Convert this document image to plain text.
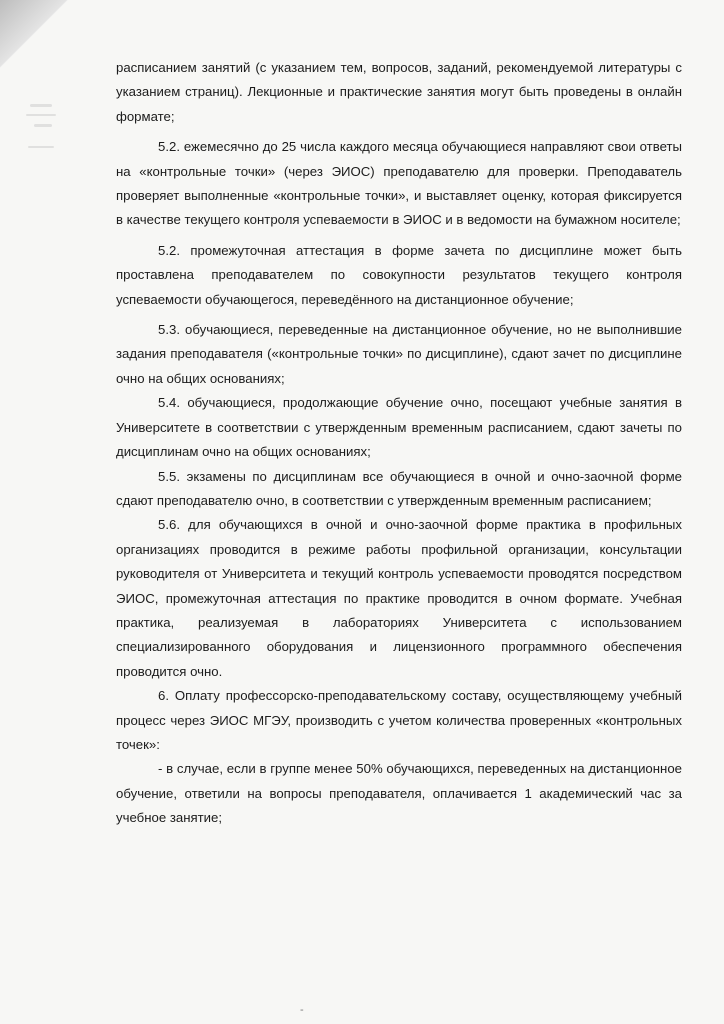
расписанием занятий (с указанием тем, вопросов, заданий, рекомендуемой литературы с указанием страниц). Лекционные и практические занятия могут быть проведены в онлайн формате;

5.2. ежемесячно до 25 числа каждого месяца обучающиеся направляют свои ответы на «контрольные точки» (через ЭИОС) преподавателю для проверки. Преподаватель проверяет выполненные «контрольные точки», и выставляет оценку, которая фиксируется в качестве текущего контроля успеваемости в ЭИОС и в ведомости на бумажном носителе;

5.2. промежуточная аттестация в форме зачета по дисциплине может быть проставлена преподавателем по совокупности результатов текущего контроля успеваемости обучающегося, переведённого на дистанционное обучение;

5.3. обучающиеся, переведенные на дистанционное обучение, но не выполнившие задания преподавателя («контрольные точки» по дисциплине), сдают зачет по дисциплине очно на общих основаниях;

5.4. обучающиеся, продолжающие обучение очно, посещают учебные занятия в Университете в соответствии с утвержденным временным расписанием, сдают зачеты по дисциплинам очно на общих основаниях;

5.5. экзамены по дисциплинам все обучающиеся в очной и очно-заочной форме сдают преподавателю очно, в соответствии с утвержденным временным расписанием;

5.6. для обучающихся в очной и очно-заочной форме практика в профильных организациях проводится в режиме работы профильной организации, консультации руководителя от Университета и текущий контроль успеваемости проводятся посредством ЭИОС, промежуточная аттестация по практике проводится в очном формате. Учебная практика, реализуемая в лабораториях Университета с использованием специализированного оборудования и лицензионного программного обеспечения проводится очно.

6. Оплату профессорско-преподавательскому составу, осуществляющему учебный процесс через ЭИОС МГЭУ, производить с учетом количества проверенных «контрольных точек»:

- в случае, если в группе менее 50% обучающихся, переведенных на дистанционное обучение, ответили на вопросы преподавателя, оплачивается 1 академический час за учебное занятие;

-
